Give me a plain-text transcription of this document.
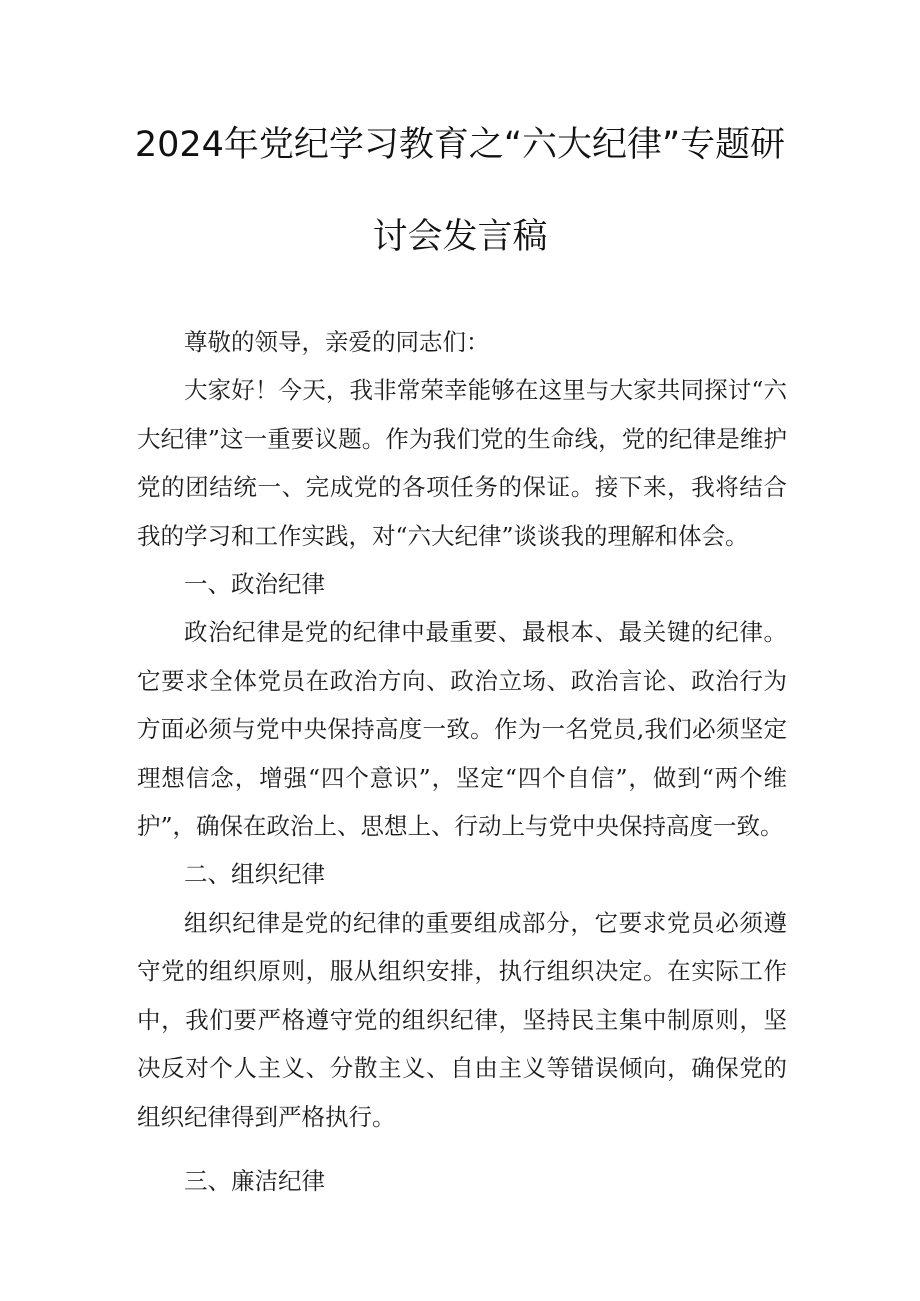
2024年党纪学习教育之“六大纪律”专题研
讨会发言稿

尊敬的领导，亲爱的同志们：

大家好！今天，我非常荣幸能够在这里与大家共同探讨“六大纪律”这一重要议题。作为我们党的生命线，党的纪律是维护党的团结统一、完成党的各项任务的保证。接下来，我将结合我的学习和工作实践，对“六大纪律”谈谈我的理解和体会。

一、政治纪律

政治纪律是党的纪律中最重要、最根本、最关键的纪律。它要求全体党员在政治方向、政治立场、政治言论、政治行为方面必须与党中央保持高度一致。作为一名党员,我们必须坚定理想信念，增强“四个意识”，坚定“四个自信”，做到“两个维护”，确保在政治上、思想上、行动上与党中央保持高度一致。

二、组织纪律

组织纪律是党的纪律的重要组成部分，它要求党员必须遵守党的组织原则，服从组织安排，执行组织决定。在实际工作中，我们要严格遵守党的组织纪律，坚持民主集中制原则，坚决反对个人主义、分散主义、自由主义等错误倾向，确保党的组织纪律得到严格执行。

三、廉洁纪律
